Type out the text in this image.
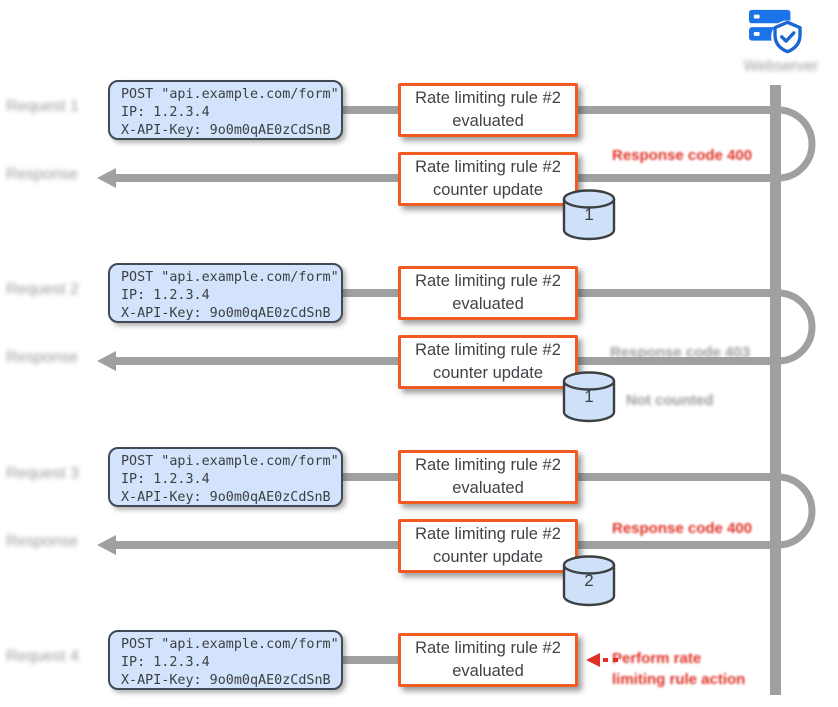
Webserver
Request 1
Response
Request 2
Response
Request 3
Response
Request 4
POST "api.example.com/form"
IP: 1.2.3.4
X-API-Key: 9o0m0qAE0zCdSnB
POST "api.example.com/form"
IP: 1.2.3.4
X-API-Key: 9o0m0qAE0zCdSnB
POST "api.example.com/form"
IP: 1.2.3.4
X-API-Key: 9o0m0qAE0zCdSnB
POST "api.example.com/form"
IP: 1.2.3.4
X-API-Key: 9o0m0qAE0zCdSnB
Rate limiting rule #2
evaluated
Rate limiting rule #2
counter update
Rate limiting rule #2
evaluated
Rate limiting rule #2
counter update
Rate limiting rule #2
evaluated
Rate limiting rule #2
counter update
Rate limiting rule #2
evaluated
1
1
2
Response code 400
Response code 403
Not counted
Response code 400
Perform rate
limiting rule action
